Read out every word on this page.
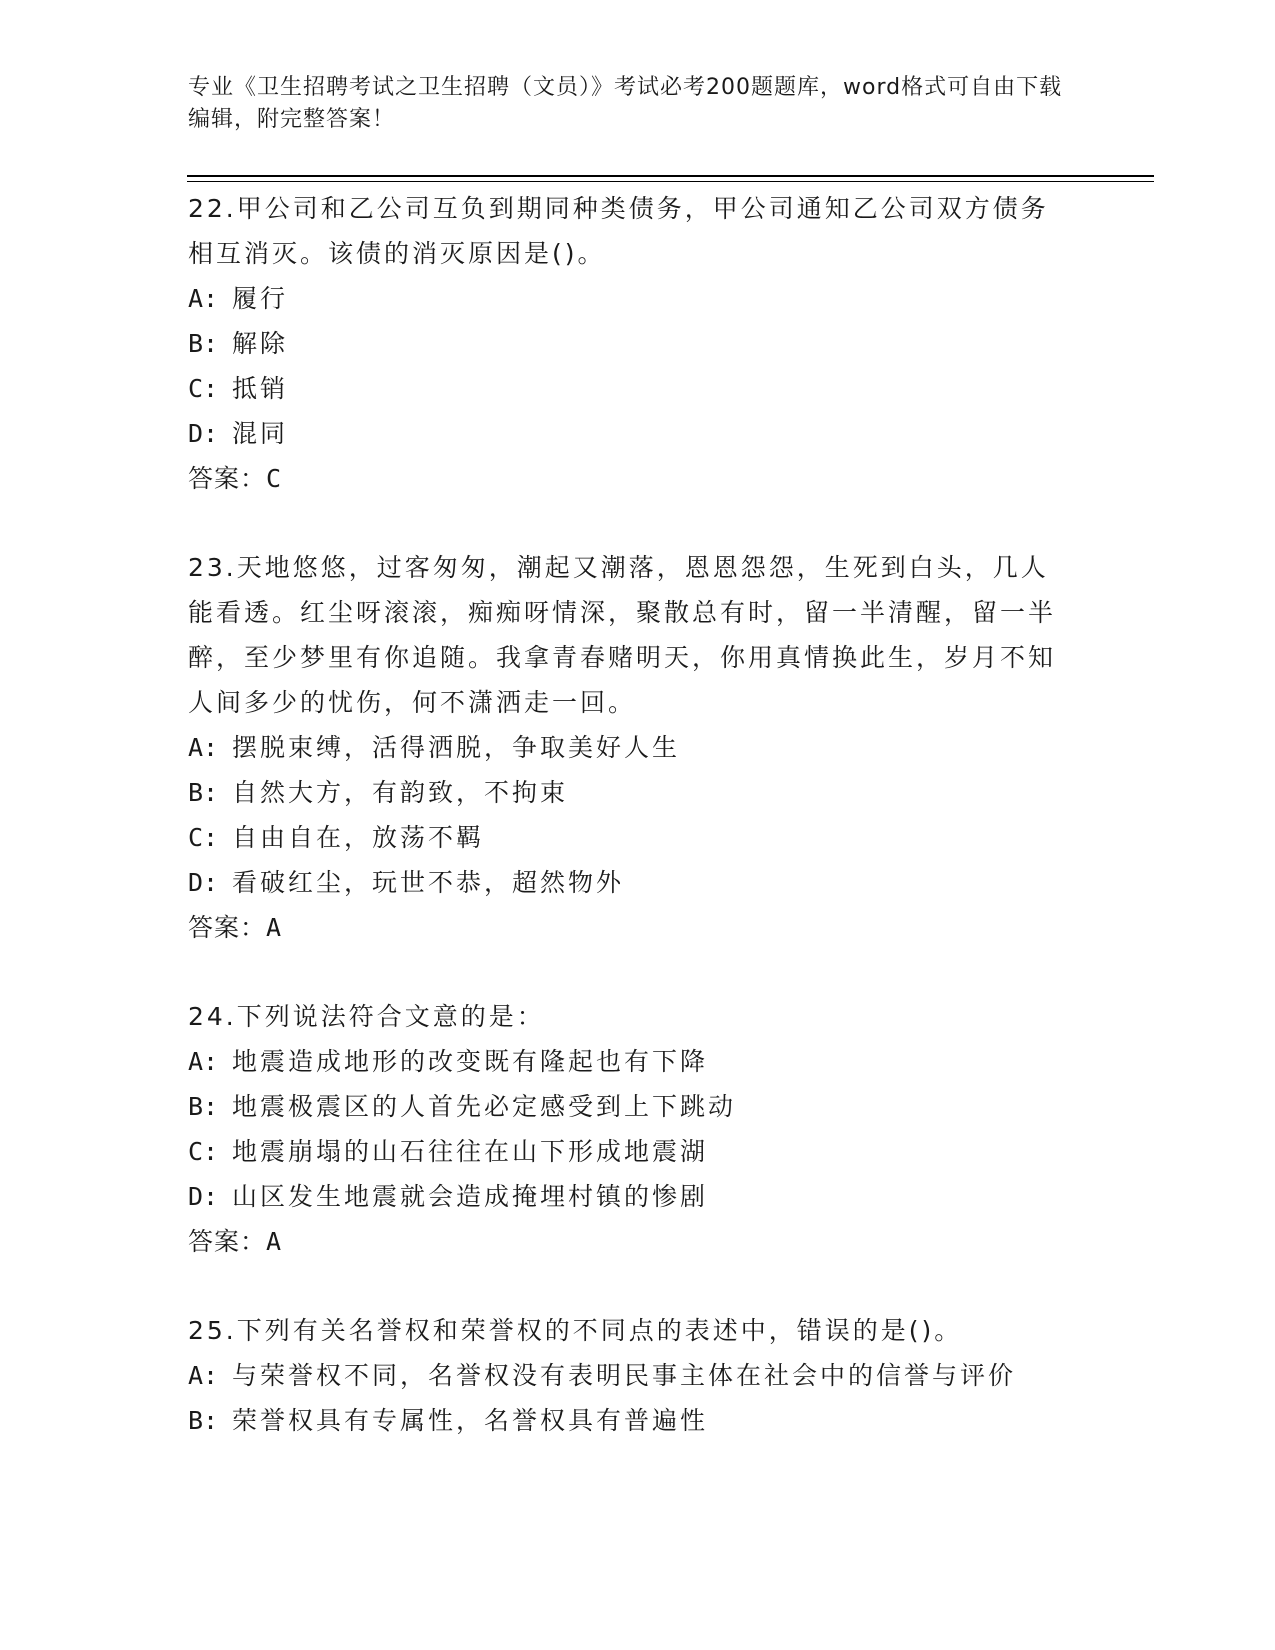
专业《卫生招聘考试之卫生招聘（文员）》考试必考200题题库，word格式可自由下载编辑，附完整答案！

22.甲公司和乙公司互负到期同种类债务，甲公司通知乙公司双方债务相互消灭。该债的消灭原因是()。

A: 履行

B: 解除

C: 抵销

D: 混同

答案：C

23.天地悠悠，过客匆匆，潮起又潮落，恩恩怨怨，生死到白头，几人能看透。红尘呀滚滚，痴痴呀情深，聚散总有时，留一半清醒，留一半醉，至少梦里有你追随。我拿青春赌明天，你用真情换此生，岁月不知人间多少的忧伤，何不潇洒走一回。

A: 摆脱束缚，活得洒脱，争取美好人生

B: 自然大方，有韵致，不拘束

C: 自由自在，放荡不羁

D: 看破红尘，玩世不恭，超然物外

答案：A

24.下列说法符合文意的是：

A: 地震造成地形的改变既有隆起也有下降

B: 地震极震区的人首先必定感受到上下跳动

C: 地震崩塌的山石往往在山下形成地震湖

D: 山区发生地震就会造成掩埋村镇的惨剧

答案：A

25.下列有关名誉权和荣誉权的不同点的表述中，错误的是()。

A: 与荣誉权不同，名誉权没有表明民事主体在社会中的信誉与评价

B: 荣誉权具有专属性，名誉权具有普遍性
